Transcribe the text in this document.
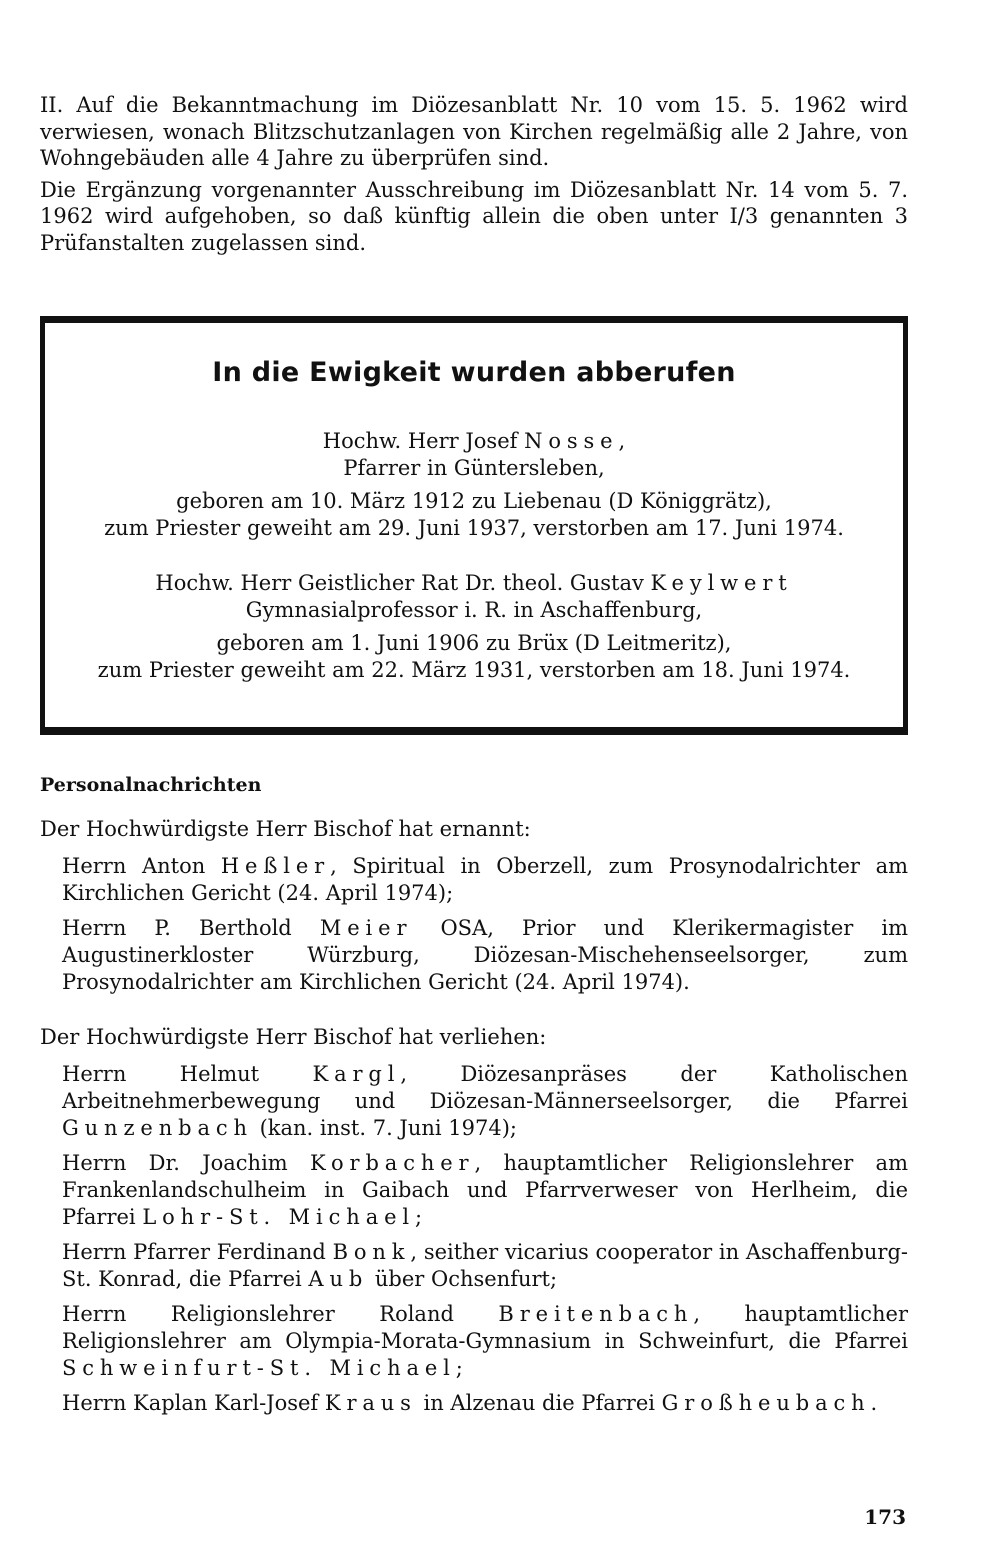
II. Auf die Bekanntmachung im Diözesanblatt Nr. 10 vom 15. 5. 1962 wird verwiesen, wonach Blitzschutzanlagen von Kirchen regelmäßig alle 2 Jahre, von Wohngebäuden alle 4 Jahre zu überprüfen sind.

Die Ergänzung vorgenannter Ausschreibung im Diözesanblatt Nr. 14 vom 5. 7. 1962 wird aufgehoben, so daß künftig allein die oben unter I/3 genannten 3 Prüfanstalten zugelassen sind.

In die Ewigkeit wurden abberufen

Hochw. Herr Josef Nosse,

Pfarrer in Güntersleben,

geboren am 10. März 1912 zu Liebenau (D Königgrätz),

zum Priester geweiht am 29. Juni 1937, verstorben am 17. Juni 1974.

Hochw. Herr Geistlicher Rat Dr. theol. Gustav Keylwert

Gymnasialprofessor i. R. in Aschaffenburg,

geboren am 1. Juni 1906 zu Brüx (D Leitmeritz),

zum Priester geweiht am 22. März 1931, verstorben am 18. Juni 1974.

Personalnachrichten

Der Hochwürdigste Herr Bischof hat ernannt:

Herrn Anton Heßler, Spiritual in Oberzell, zum Prosynodalrichter am Kirchlichen Gericht (24. April 1974);

Herrn P. Berthold Meier OSA, Prior und Klerikermagister im Augustinerkloster Würzburg, Diözesan-Mischehenseelsorger, zum Prosynodalrichter am Kirchlichen Gericht (24. April 1974).

Der Hochwürdigste Herr Bischof hat verliehen:

Herrn Helmut Kargl, Diözesanpräses der Katholischen Arbeitnehmerbewegung und Diözesan-Männerseelsorger, die Pfarrei Gunzenbach (kan. inst. 7. Juni 1974);

Herrn Dr. Joachim Korbacher, hauptamtlicher Religionslehrer am Frankenlandschulheim in Gaibach und Pfarrverweser von Herlheim, die Pfarrei Lohr-St. Michael;

Herrn Pfarrer Ferdinand Bonk, seither vicarius cooperator in Aschaffenburg-St. Konrad, die Pfarrei Aub über Ochsenfurt;

Herrn Religionslehrer Roland Breitenbach, hauptamtlicher Religionslehrer am Olympia-Morata-Gymnasium in Schweinfurt, die Pfarrei Schweinfurt-St. Michael;

Herrn Kaplan Karl-Josef Kraus in Alzenau die Pfarrei Großheubach.

173
